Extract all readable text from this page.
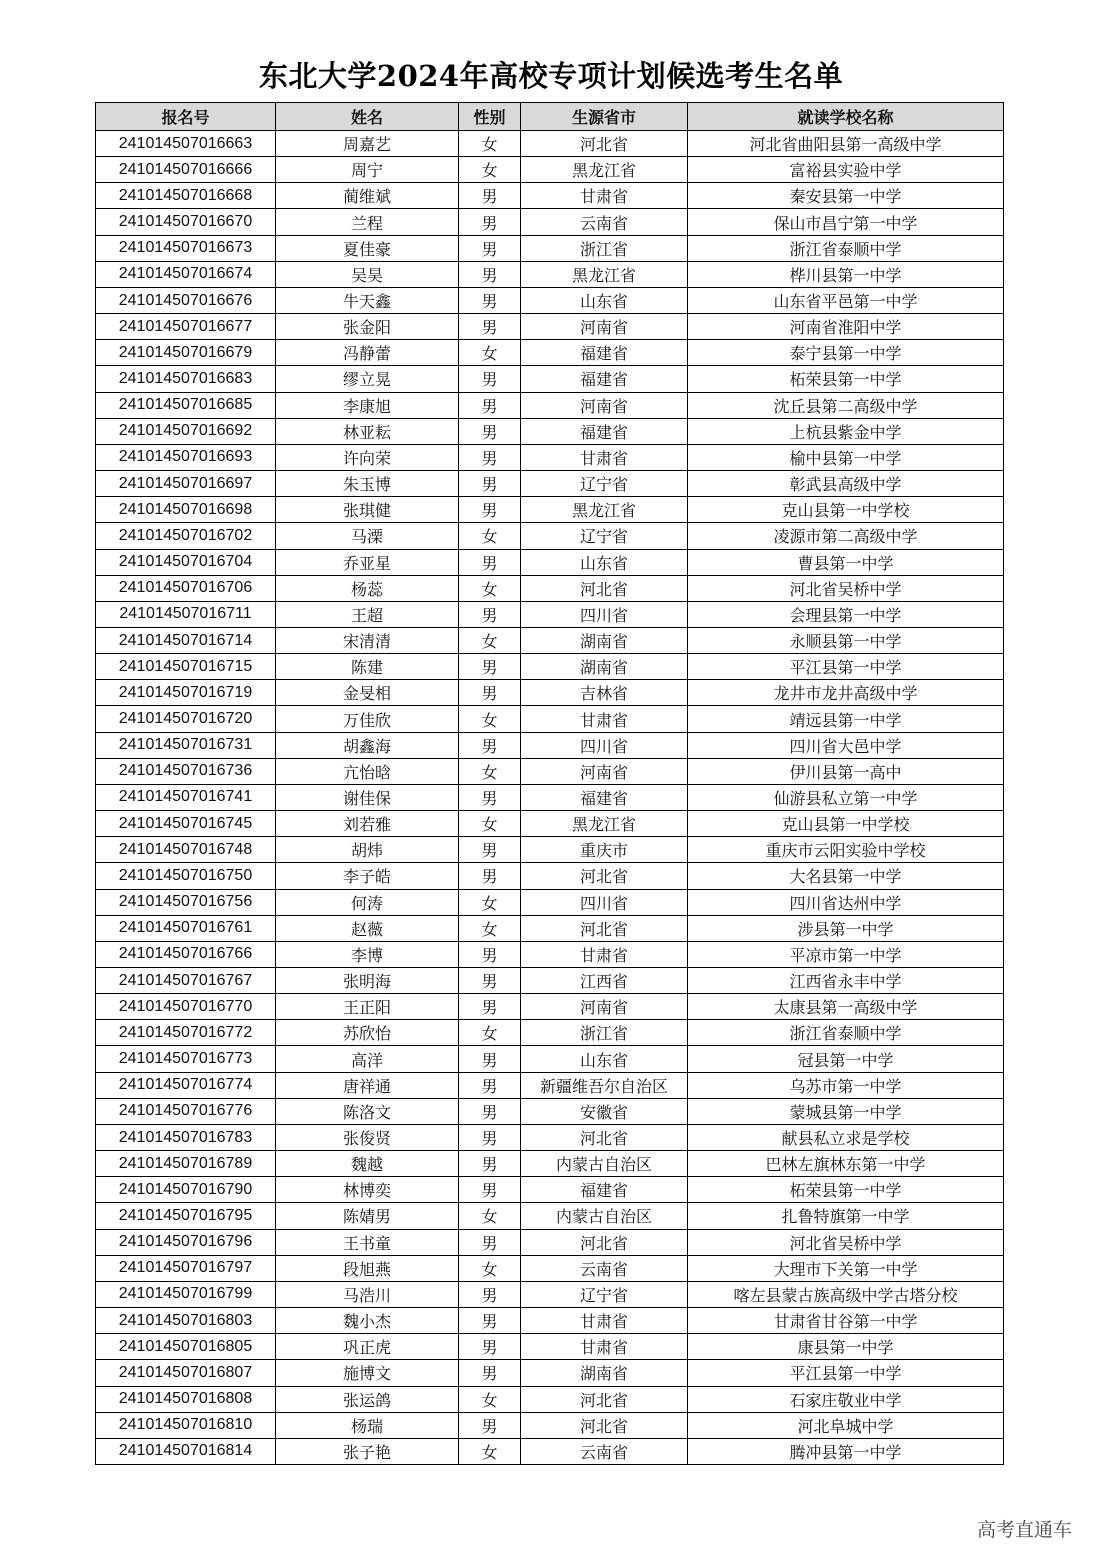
东北大学2024年高校专项计划候选考生名单
报名号	姓名	性别	生源省市	就读学校名称
241014507016663	周嘉艺	女	河北省	河北省曲阳县第一高级中学
241014507016666	周宁	女	黑龙江省	富裕县实验中学
241014507016668	蔺维斌	男	甘肃省	秦安县第一中学
241014507016670	兰程	男	云南省	保山市昌宁第一中学
241014507016673	夏佳豪	男	浙江省	浙江省泰顺中学
241014507016674	吴昊	男	黑龙江省	桦川县第一中学
241014507016676	牛天鑫	男	山东省	山东省平邑第一中学
241014507016677	张金阳	男	河南省	河南省淮阳中学
241014507016679	冯静蕾	女	福建省	泰宁县第一中学
241014507016683	缪立晃	男	福建省	柘荣县第一中学
241014507016685	李康旭	男	河南省	沈丘县第二高级中学
241014507016692	林亚耘	男	福建省	上杭县紫金中学
241014507016693	许向荣	男	甘肃省	榆中县第一中学
241014507016697	朱玉博	男	辽宁省	彰武县高级中学
241014507016698	张琪健	男	黑龙江省	克山县第一中学校
241014507016702	马溧	女	辽宁省	凌源市第二高级中学
241014507016704	乔亚星	男	山东省	曹县第一中学
241014507016706	杨蕊	女	河北省	河北省吴桥中学
241014507016711	王超	男	四川省	会理县第一中学
241014507016714	宋清清	女	湖南省	永顺县第一中学
241014507016715	陈建	男	湖南省	平江县第一中学
241014507016719	金旻相	男	吉林省	龙井市龙井高级中学
241014507016720	万佳欣	女	甘肃省	靖远县第一中学
241014507016731	胡鑫海	男	四川省	四川省大邑中学
241014507016736	亢怡晗	女	河南省	伊川县第一高中
241014507016741	谢佳保	男	福建省	仙游县私立第一中学
241014507016745	刘若雅	女	黑龙江省	克山县第一中学校
241014507016748	胡炜	男	重庆市	重庆市云阳实验中学校
241014507016750	李子皓	男	河北省	大名县第一中学
241014507016756	何涛	女	四川省	四川省达州中学
241014507016761	赵薇	女	河北省	涉县第一中学
241014507016766	李博	男	甘肃省	平凉市第一中学
241014507016767	张明海	男	江西省	江西省永丰中学
241014507016770	王正阳	男	河南省	太康县第一高级中学
241014507016772	苏欣怡	女	浙江省	浙江省泰顺中学
241014507016773	高洋	男	山东省	冠县第一中学
241014507016774	唐祥通	男	新疆维吾尔自治区	乌苏市第一中学
241014507016776	陈洛文	男	安徽省	蒙城县第一中学
241014507016783	张俊贤	男	河北省	献县私立求是学校
241014507016789	魏越	男	内蒙古自治区	巴林左旗林东第一中学
241014507016790	林博奕	男	福建省	柘荣县第一中学
241014507016795	陈婧男	女	内蒙古自治区	扎鲁特旗第一中学
241014507016796	王书童	男	河北省	河北省吴桥中学
241014507016797	段旭燕	女	云南省	大理市下关第一中学
241014507016799	马浩川	男	辽宁省	喀左县蒙古族高级中学古塔分校
241014507016803	魏小杰	男	甘肃省	甘肃省甘谷第一中学
241014507016805	巩正虎	男	甘肃省	康县第一中学
241014507016807	施博文	男	湖南省	平江县第一中学
241014507016808	张运鸽	女	河北省	石家庄敬业中学
241014507016810	杨瑞	男	河北省	河北阜城中学
241014507016814	张子艳	女	云南省	腾冲县第一中学
高考直通车
